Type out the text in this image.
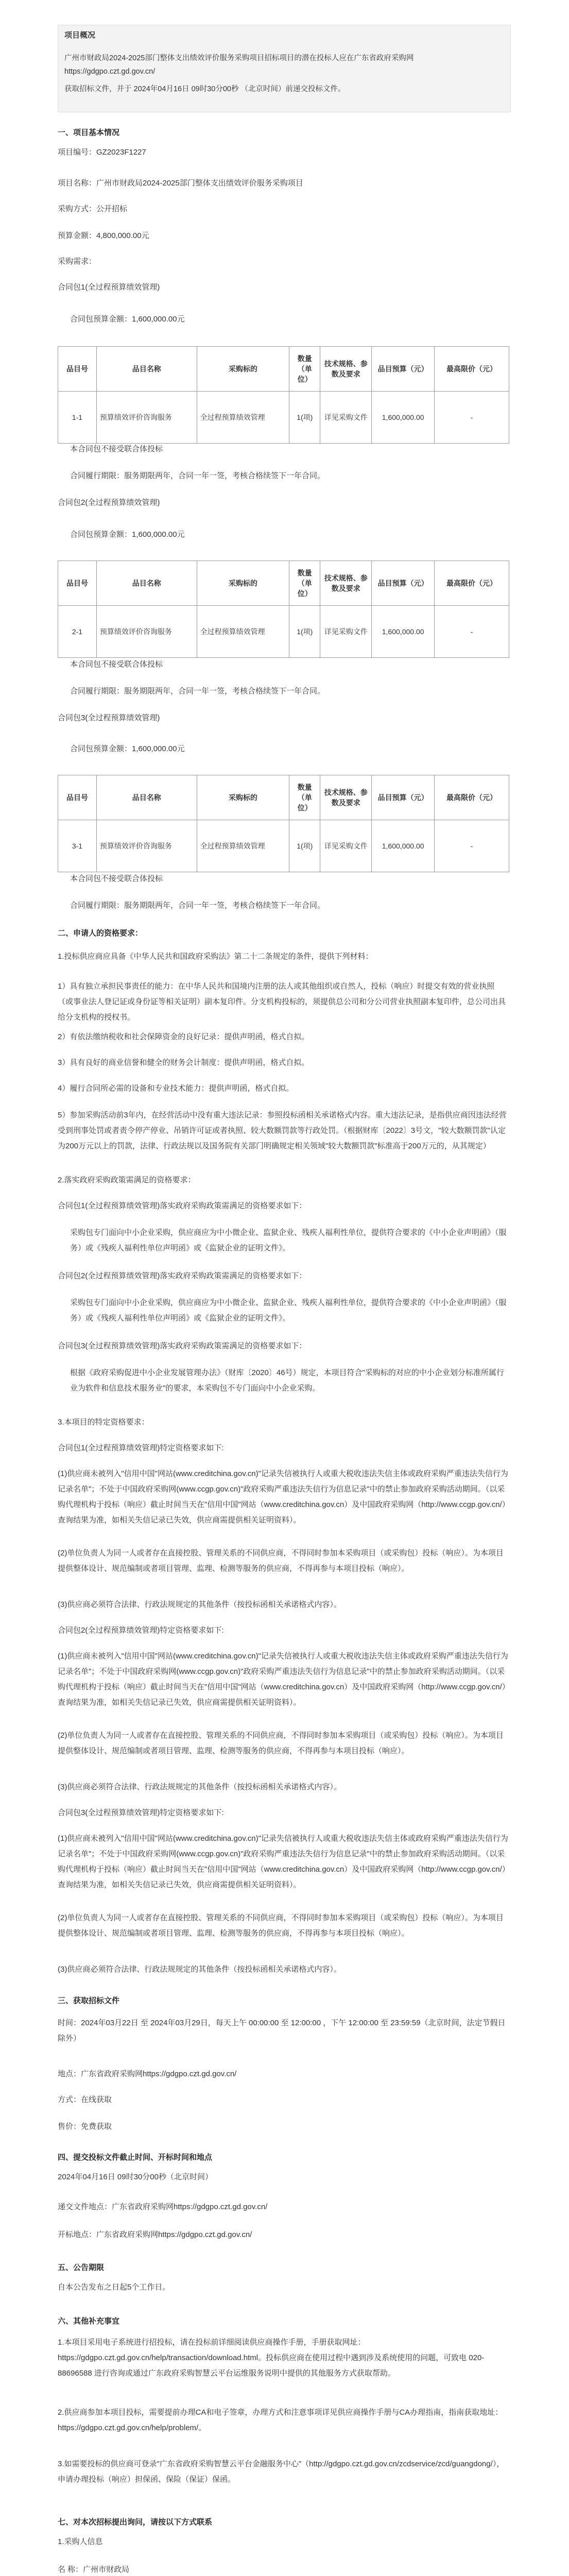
项目概况
广州市财政局2024-2025部门整体支出绩效评价服务采购项目招标项目的潜在投标人应在广东省政府采购网
https://gdgpo.czt.gd.gov.cn/
获取招标文件，并于 2024年04月16日 09时30分00秒 （北京时间）前递交投标文件。
一、项目基本情况
项目编号：GZ2023F1227
项目名称：广州市财政局2024-2025部门整体支出绩效评价服务采购项目
采购方式：公开招标
预算金额：4,800,000.00元
采购需求：
合同包1(全过程预算绩效管理)
合同包预算金额：1,600,000.00元
品目号	品目名称	采购标的	数量（单位）	技术规格、参数及要求	品目预算（元）	最高限价（元）
1-1	预算绩效评价咨询服务	全过程预算绩效管理	1(项)	详见采购文件	1,600,000.00	-
本合同包不接受联合体投标
合同履行期限：服务期限两年，合同一年一签，考核合格续签下一年合同。
合同包2(全过程预算绩效管理)
合同包预算金额：1,600,000.00元
品目号	品目名称	采购标的	数量（单位）	技术规格、参数及要求	品目预算（元）	最高限价（元）
2-1	预算绩效评价咨询服务	全过程预算绩效管理	1(项)	详见采购文件	1,600,000.00	-
本合同包不接受联合体投标
合同履行期限：服务期限两年，合同一年一签，考核合格续签下一年合同。
合同包3(全过程预算绩效管理)
合同包预算金额：1,600,000.00元
品目号	品目名称	采购标的	数量（单位）	技术规格、参数及要求	品目预算（元）	最高限价（元）
3-1	预算绩效评价咨询服务	全过程预算绩效管理	1(项)	详见采购文件	1,600,000.00	-
本合同包不接受联合体投标
合同履行期限：服务期限两年，合同一年一签，考核合格续签下一年合同。
二、申请人的资格要求：
1.投标供应商应具备《中华人民共和国政府采购法》第二十二条规定的条件，提供下列材料：
1）具有独立承担民事责任的能力：在中华人民共和国境内注册的法人或其他组织或自然人，投标（响应）时提交有效的营业执照（或事业法人登记证或身份证等相关证明）副本复印件。分支机构投标的，须提供总公司和分公司营业执照副本复印件，总公司出具给分支机构的授权书。
2）有依法缴纳税收和社会保障资金的良好记录：提供声明函，格式自拟。
3）具有良好的商业信誉和健全的财务会计制度：提供声明函，格式自拟。
4）履行合同所必需的设备和专业技术能力：提供声明函，格式自拟。
5）参加采购活动前3年内，在经营活动中没有重大违法记录：参照投标函相关承诺格式内容。重大违法记录，是指供应商因违法经营受到刑事处罚或者责令停产停业、吊销许可证或者执照、较大数额罚款等行政处罚。（根据财库〔2022〕3号文，"较大数额罚款"认定为200万元以上的罚款，法律、行政法规以及国务院有关部门明确规定相关领域"较大数额罚款"标准高于200万元的，从其规定）
2.落实政府采购政策需满足的资格要求：
合同包1(全过程预算绩效管理)落实政府采购政策需满足的资格要求如下：
采购包专门面向中小企业采购，供应商应为中小微企业、监狱企业、残疾人福利性单位，提供符合要求的《中小企业声明函》（服务）或《残疾人福利性单位声明函》或《监狱企业的证明文件》。
合同包2(全过程预算绩效管理)落实政府采购政策需满足的资格要求如下：
采购包专门面向中小企业采购，供应商应为中小微企业、监狱企业、残疾人福利性单位，提供符合要求的《中小企业声明函》（服务）或《残疾人福利性单位声明函》或《监狱企业的证明文件》。
合同包3(全过程预算绩效管理)落实政府采购政策需满足的资格要求如下：
根据《政府采购促进中小企业发展管理办法》（财库〔2020〕46号）规定，本项目符合"采购标的对应的中小企业划分标准所属行业为软件和信息技术服务业"的要求，本采购包不专门面向中小企业采购。
3.本项目的特定资格要求：
合同包1(全过程预算绩效管理)特定资格要求如下:
(1)供应商未被列入"信用中国"网站(www.creditchina.gov.cn)"记录失信被执行人或重大税收违法失信主体或政府采购严重违法失信行为记录名单"；不处于中国政府采购网(www.ccgp.gov.cn)"政府采购严重违法失信行为信息记录"中的禁止参加政府采购活动期间。（以采购代理机构于投标（响应）截止时间当天在"信用中国"网站（www.creditchina.gov.cn）及中国政府采购网（http://www.ccgp.gov.cn/）查询结果为准，如相关失信记录已失效，供应商需提供相关证明资料）。
(2)单位负责人为同一人或者存在直接控股、管理关系的不同供应商，不得同时参加本采购项目（或采购包）投标（响应）。为本项目提供整体设计、规范编制或者项目管理、监理、检测等服务的供应商，不得再参与本项目投标（响应）。
(3)供应商必须符合法律、行政法规规定的其他条件（按投标函相关承诺格式内容）。
合同包2(全过程预算绩效管理)特定资格要求如下:
(1)供应商未被列入"信用中国"网站(www.creditchina.gov.cn)"记录失信被执行人或重大税收违法失信主体或政府采购严重违法失信行为记录名单"；不处于中国政府采购网(www.ccgp.gov.cn)"政府采购严重违法失信行为信息记录"中的禁止参加政府采购活动期间。（以采购代理机构于投标（响应）截止时间当天在"信用中国"网站（www.creditchina.gov.cn）及中国政府采购网（http://www.ccgp.gov.cn/）查询结果为准，如相关失信记录已失效，供应商需提供相关证明资料）。
(2)单位负责人为同一人或者存在直接控股、管理关系的不同供应商，不得同时参加本采购项目（或采购包）投标（响应）。为本项目提供整体设计、规范编制或者项目管理、监理、检测等服务的供应商，不得再参与本项目投标（响应）。
(3)供应商必须符合法律、行政法规规定的其他条件（按投标函相关承诺格式内容）。
合同包3(全过程预算绩效管理)特定资格要求如下:
(1)供应商未被列入"信用中国"网站(www.creditchina.gov.cn)"记录失信被执行人或重大税收违法失信主体或政府采购严重违法失信行为记录名单"；不处于中国政府采购网(www.ccgp.gov.cn)"政府采购严重违法失信行为信息记录"中的禁止参加政府采购活动期间。（以采购代理机构于投标（响应）截止时间当天在"信用中国"网站（www.creditchina.gov.cn）及中国政府采购网（http://www.ccgp.gov.cn/）查询结果为准，如相关失信记录已失效，供应商需提供相关证明资料）。
(2)单位负责人为同一人或者存在直接控股、管理关系的不同供应商，不得同时参加本采购项目（或采购包）投标（响应）。为本项目提供整体设计、规范编制或者项目管理、监理、检测等服务的供应商，不得再参与本项目投标（响应）。
(3)供应商必须符合法律、行政法规规定的其他条件（按投标函相关承诺格式内容）。
三、获取招标文件
时间：2024年03月22日 至 2024年03月29日，每天上午 00:00:00 至 12:00:00 ，下午 12:00:00 至 23:59:59（北京时间，法定节假日除外）
地点：广东省政府采购网https://gdgpo.czt.gd.gov.cn/
方式：在线获取
售价：免费获取
四、提交投标文件截止时间、开标时间和地点
2024年04月16日 09时30分00秒（北京时间）
递交文件地点：广东省政府采购网https://gdgpo.czt.gd.gov.cn/
开标地点：广东省政府采购网https://gdgpo.czt.gd.gov.cn/
五、公告期限
自本公告发布之日起5个工作日。
六、其他补充事宜
1.本项目采用电子系统进行招投标，请在投标前详细阅读供应商操作手册，手册获取网址：https://gdgpo.czt.gd.gov.cn/help/transaction/download.html。投标供应商在使用过程中遇到涉及系统使用的问题，可致电 020-88696588 进行咨询或通过广东政府采购智慧云平台运维服务说明中提供的其他服务方式获取帮助。
2.供应商参加本项目投标，需要提前办理CA和电子签章，办理方式和注意事项详见供应商操作手册与CA办理指南，指南获取地址：https://gdgpo.czt.gd.gov.cn/help/problem/。
3.如需要投标的供应商可登录"广东省政府采购智慧云平台金融服务中心"（http://gdgpo.czt.gd.gov.cn/zcdservice/zcd/guangdong/），申请办理投标（响应）担保函、保险（保证）保函。
七、对本次招标提出询问，请按以下方式联系
1.采购人信息
名 称：广州市财政局
